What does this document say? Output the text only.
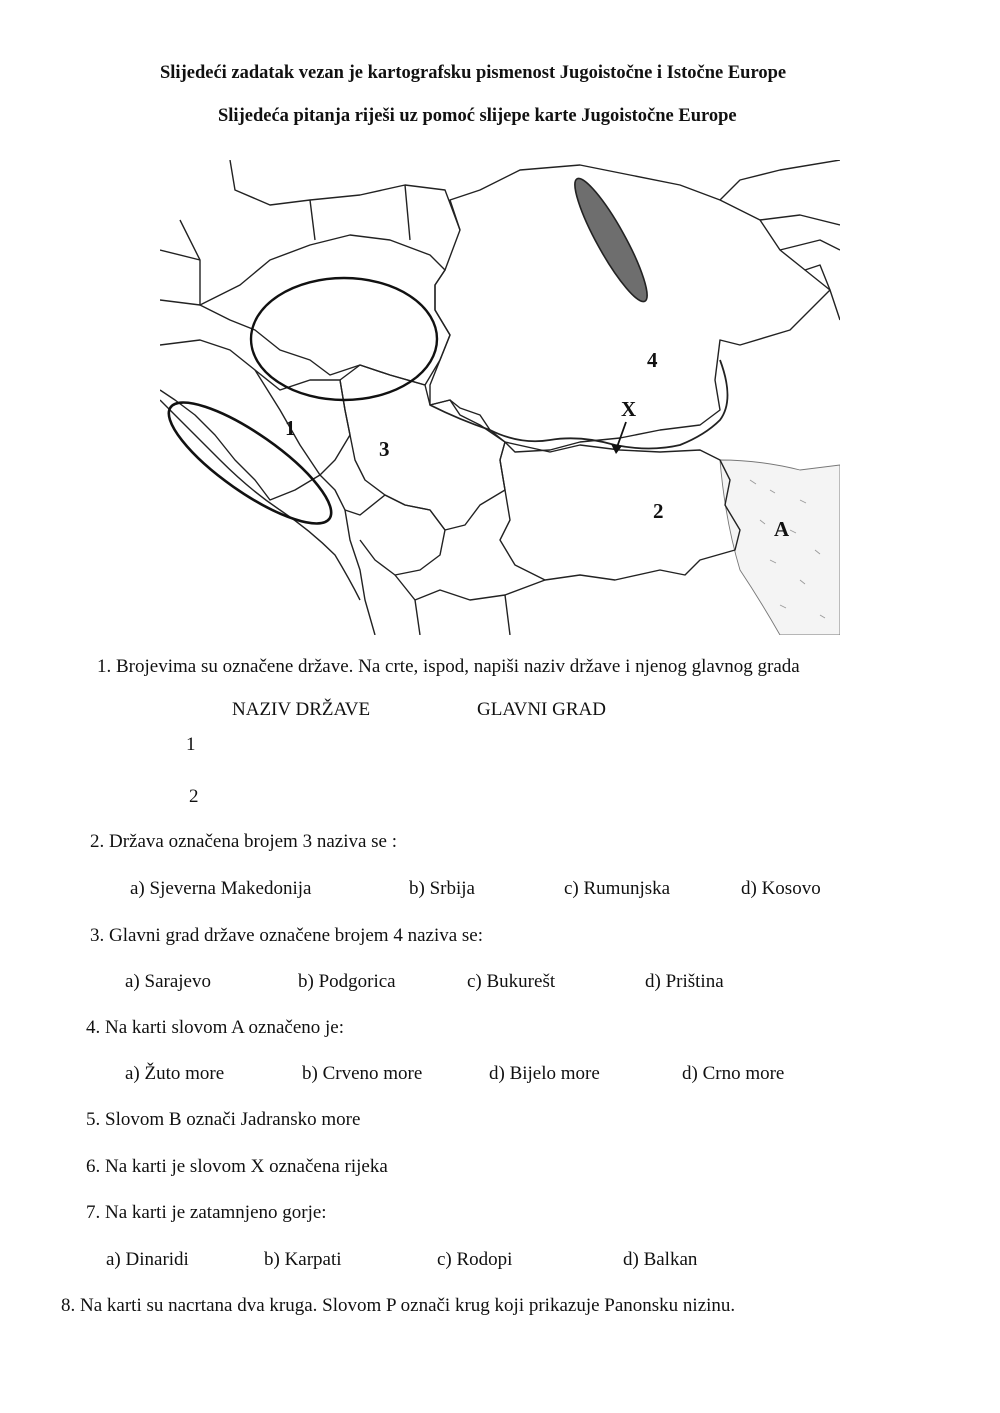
Slijedeći zadatak vezan je kartografsku pismenost Jugoistočne i Istočne Europe
Slijedeća pitanja riješi uz pomoć slijepe karte Jugoistočne Europe
1
3
4
X
2
A
1. Brojevima su označene države. Na crte, ispod, napiši naziv države i njenog glavnog grada
NAZIV DRŽAVE	GLAVNI GRAD
1
2
2. Država označena brojem 3 naziva se :
a) Sjeverna Makedonija	b) Srbija	c) Rumunjska	d) Kosovo
3. Glavni grad države označene brojem 4 naziva se:
a) Sarajevo	b) Podgorica	c) Bukurešt	d) Priština
4. Na karti slovom A označeno je:
a) Žuto more	b) Crveno more	d) Bijelo more	d) Crno more
5. Slovom B označi Jadransko more
6. Na karti je slovom X označena rijeka
7. Na karti je zatamnjeno gorje:
a) Dinaridi	b) Karpati	c) Rodopi	d) Balkan
8. Na karti su nacrtana dva kruga. Slovom P označi krug koji prikazuje Panonsku nizinu.
